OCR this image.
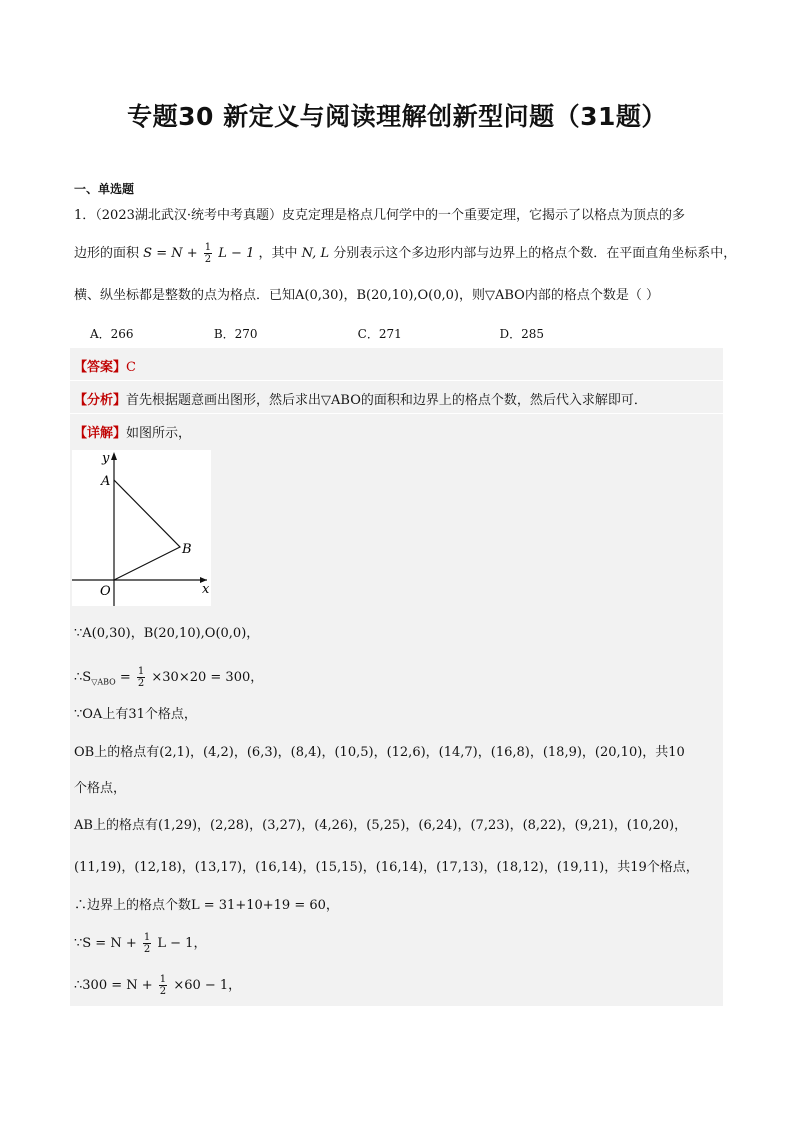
专题30 新定义与阅读理解创新型问题（31题）
一、单选题
1．（2023湖北武汉·统考中考真题）皮克定理是格点几何学中的一个重要定理，它揭示了以格点为顶点的多
边形的面积 $S = N + \frac{1}{2}$ L − 1 ，其中 N, L 分别表示这个多边形内部与边界上的格点个数．在平面直角坐标系中，
横、纵坐标都是整数的点为格点．已知A(0,30)，B(20,10),O(0,0)，则▽ABO内部的格点个数是（ ）
A．266	B．270	C．271	D．285
【答案】C
【分析】首先根据题意画出图形，然后求出▽ABO的面积和边界上的格点个数，然后代入求解即可．
【详解】如图所示，
y
x
A
B
O
∵A(0,30)，B(20,10),O(0,0)，
$\therefore S_{▽ABO} = \frac{1}{2} \times 30\times 20 = 300$，
∵OA上有31个格点，
OB上的格点有(2,1)，(4,2)，(6,3)，(8,4)，(10,5)，(12,6)，(14,7)，(16,8)，(18,9)，(20,10)，共10
个格点，
AB上的格点有(1,29)，(2,28)，(3,27)，(4,26)，(5,25)，(6,24)，(7,23)，(8,22)，(9,21)，(10,20)，
(11,19)，(12,18)，(13,17)，(16,14)，(15,15)，(16,14)，(17,13)，(18,12)，(19,11)，共19个格点，
∴边界上的格点个数L = 31+10+19 = 60，
∵S = $N + \frac{1}{2}$ L − 1，
∴300 = $N + \frac{1}{2} \times 60 - 1$，
